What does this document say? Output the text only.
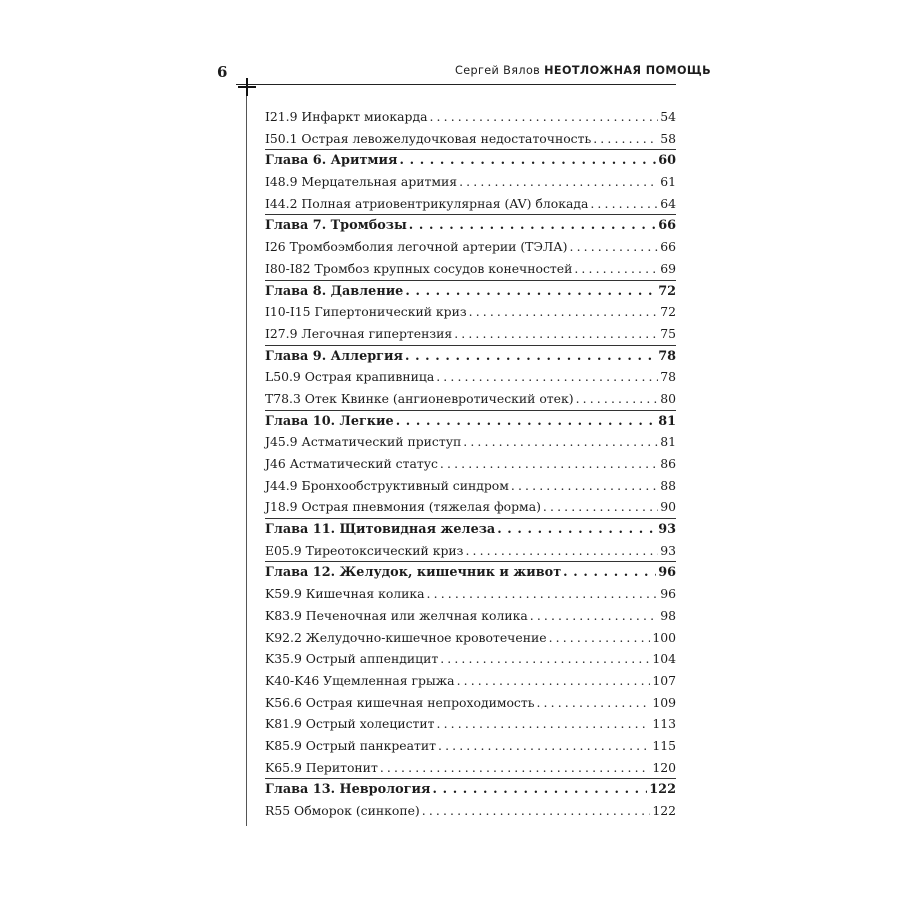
6	Сергей Вялов НЕОТЛОЖНАЯ ПОМОЩЬ
I21.9 Инфаркт миокарда . . .	54
I50.1 Острая левожелудочковая недостаточность . . .	58
Глава 6. Аритмия . . .	60
I48.9 Мерцательная аритмия . . .	61
I44.2 Полная атриовентрикулярная (AV) блокада . . .	64
Глава 7. Тромбозы . . .	66
I26 Тромбоэмболия легочной артерии (ТЭЛА) . . .	66
I80-I82 Тромбоз крупных сосудов конечностей . . .	69
Глава 8. Давление . . .	72
I10-I15 Гипертонический криз . . .	72
I27.9 Легочная гипертензия . . .	75
Глава 9. Аллергия . . .	78
L50.9 Острая крапивница . . .	78
T78.3 Отек Квинке (ангионевротический отек) . . .	80
Глава 10. Легкие . . .	81
J45.9 Астматический приступ . . .	81
J46 Астматический статус . . .	86
J44.9 Бронхообструктивный синдром . . .	88
J18.9 Острая пневмония (тяжелая форма) . . .	90
Глава 11. Щитовидная железа . . .	93
E05.9 Тиреотоксический криз . . .	93
Глава 12. Желудок, кишечник и живот . . .	96
K59.9 Кишечная колика . . .	96
K83.9 Печеночная или желчная колика . . .	98
K92.2 Желудочно-кишечное кровотечение . . .	100
K35.9 Острый аппендицит . . .	104
K40-K46 Ущемленная грыжа . . .	107
K56.6 Острая кишечная непроходимость . . .	109
K81.9 Острый холецистит . . .	113
K85.9 Острый панкреатит . . .	115
K65.9 Перитонит . . .	120
Глава 13. Неврология . . .	122
R55 Обморок (синкопе) . . .	122
